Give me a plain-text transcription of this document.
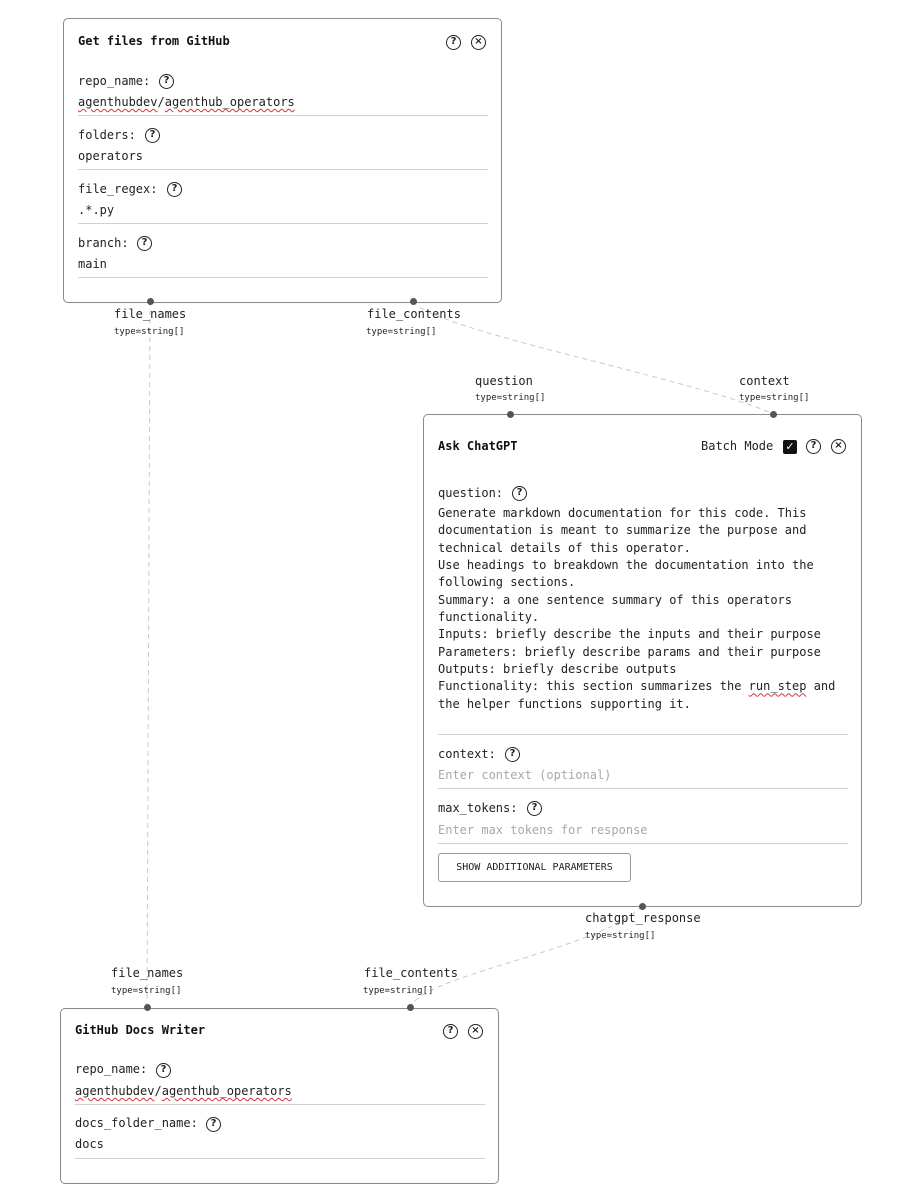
Get files from GitHub	?	×
repo_name:	?
agenthubdev/agenthub_operators
folders:	?
operators
file_regex:	?
.*.py
branch:	?
main
file_names
type=string[]
file_contents
type=string[]
question
type=string[]
context
type=string[]
Ask ChatGPT	Batch Mode ✓	?	×
question:	?
Generate markdown documentation for this code. This
documentation is meant to summarize the purpose and
technical details of this operator.
Use headings to breakdown the documentation into the
following sections.
Summary: a one sentence summary of this operators
functionality.
Inputs: briefly describe the inputs and their purpose
Parameters: briefly describe params and their purpose
Outputs: briefly describe outputs
Functionality: this section summarizes the run_step and
the helper functions supporting it.
context:	?
Enter context (optional)
max_tokens:	?
Enter max tokens for response
SHOW ADDITIONAL PARAMETERS
chatgpt_response
type=string[]
file_names
type=string[]
file_contents
type=string[]
GitHub Docs Writer	?	×
repo_name:	?
agenthubdev/agenthub_operators
docs_folder_name:	?
docs
